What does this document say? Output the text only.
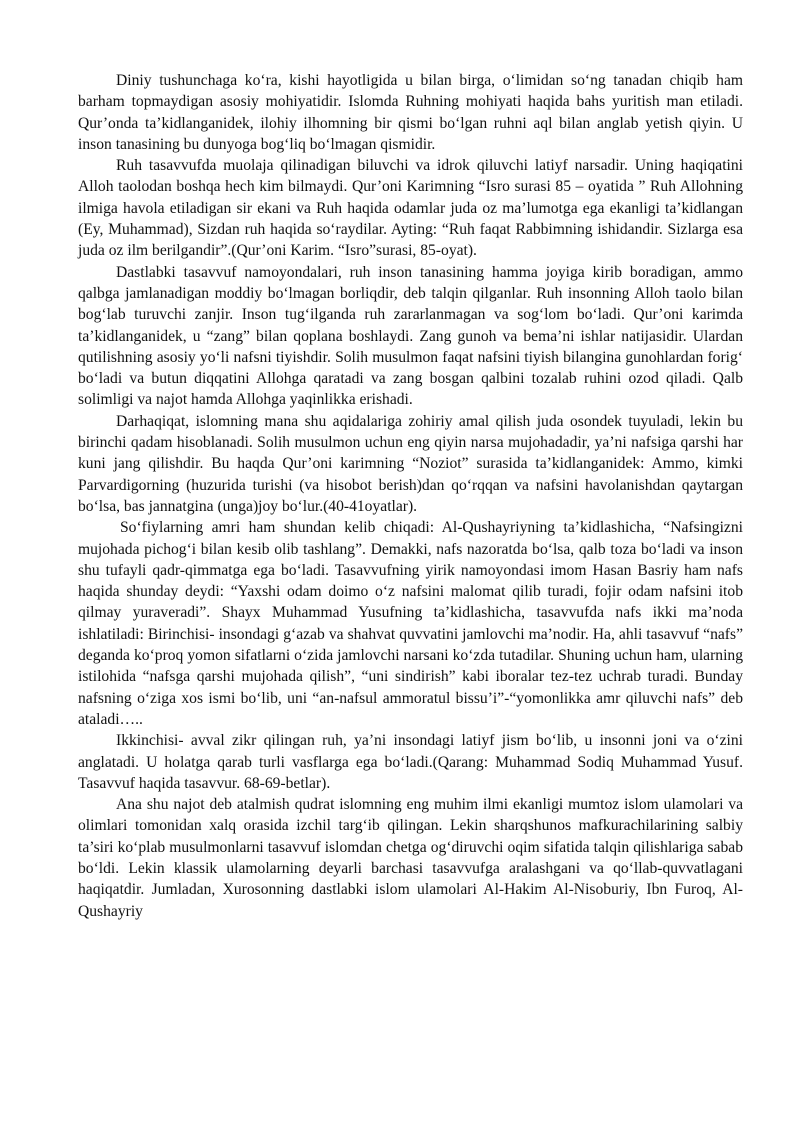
Diniy tushunchaga ko‘ra, kishi hayotligida u bilan birga, o‘limidan so‘ng tanadan chiqib ham barham topmaydigan asosiy mohiyatidir. Islomda Ruhning mohiyati haqida bahs yuritish man etiladi. Qur’onda ta’kidlanganidek, ilohiy ilhomning bir qismi bo‘lgan ruhni aql bilan anglab yetish qiyin. U inson tanasining bu dunyoga bog‘liq bo‘lmagan qismidir.

Ruh tasavvufda muolaja qilinadigan biluvchi va idrok qiluvchi latiyf narsadir. Uning haqiqatini Alloh taolodan boshqa hech kim bilmaydi. Qur’oni Karimning “Isro surasi 85 – oyatida ” Ruh Allohning ilmiga havola etiladigan sir ekani va Ruh haqida odamlar juda oz ma’lumotga ega ekanligi ta’kidlangan (Ey, Muhammad), Sizdan ruh haqida so‘raydilar. Ayting: “Ruh faqat Rabbimning ishidandir. Sizlarga esa juda oz ilm berilgandir”.(Qur’oni Karim. “Isro”surasi, 85-oyat).

Dastlabki tasavvuf namoyondalari, ruh inson tanasining hamma joyiga kirib boradigan, ammo qalbga jamlanadigan moddiy bo‘lmagan borliqdir, deb talqin qilganlar. Ruh insonning Alloh taolo bilan bog‘lab turuvchi zanjir. Inson tug‘ilganda ruh zararlanmagan va sog‘lom bo‘ladi. Qur’oni karimda ta’kidlanganidek, u “zang” bilan qoplana boshlaydi. Zang gunoh va bema’ni ishlar natijasidir. Ulardan qutilishning asosiy yo‘li nafsni tiyishdir. Solih musulmon faqat nafsini tiyish bilangina gunohlardan forig‘ bo‘ladi va butun diqqatini Allohga qaratadi va zang bosgan qalbini tozalab ruhini ozod qiladi. Qalb solimligi va najot hamda Allohga yaqinlikka erishadi.

Darhaqiqat, islomning mana shu aqidalariga zohiriy amal qilish juda osondek tuyuladi, lekin bu birinchi qadam hisoblanadi. Solih musulmon uchun eng qiyin narsa mujohadadir, ya’ni nafsiga qarshi har kuni jang qilishdir. Bu haqda Qur’oni karimning “Noziot” surasida ta’kidlanganidek: Ammo, kimki Parvardigorning (huzurida turishi (va hisobot berish)dan qo‘rqqan va nafsini havolanishdan qaytargan bo‘lsa, bas jannatgina (unga)joy bo‘lur.(40-41oyatlar).

So‘fiylarning amri ham shundan kelib chiqadi: Al-Qushayriyning ta’kidlashicha, “Nafsingizni mujohada pichog‘i bilan kesib olib tashlang”. Demakki, nafs nazoratda bo‘lsa, qalb toza bo‘ladi va inson shu tufayli qadr-qimmatga ega bo‘ladi. Tasavvufning yirik namoyondasi imom Hasan Basriy ham nafs haqida shunday deydi: “Yaxshi odam doimo o‘z nafsini malomat qilib turadi, fojir odam nafsini itob qilmay yuraveradi”. Shayx Muhammad Yusufning ta’kidlashicha, tasavvufda nafs ikki ma’noda ishlatiladi: Birinchisi- insondagi g‘azab va shahvat quvvatini jamlovchi ma’nodir. Ha, ahli tasavvuf “nafs” deganda ko‘proq yomon sifatlarni o‘zida jamlovchi narsani ko‘zda tutadilar. Shuning uchun ham, ularning istilohida “nafsga qarshi mujohada qilish”, “uni sindirish” kabi iboralar tez-tez uchrab turadi. Bunday nafsning o‘ziga xos ismi bo‘lib, uni “an-nafsul ammoratul bissu’i”-“yomonlikka amr qiluvchi nafs” deb ataladi…..

Ikkinchisi- avval zikr qilingan ruh, ya’ni insondagi latiyf jism bo‘lib, u insonni joni va o‘zini anglatadi. U holatga qarab turli vasflarga ega bo‘ladi.(Qarang: Muhammad Sodiq Muhammad Yusuf. Tasavvuf haqida tasavvur. 68-69-betlar).

Ana shu najot deb atalmish qudrat islomning eng muhim ilmi ekanligi mumtoz islom ulamolari va olimlari tomonidan xalq orasida izchil targ‘ib qilingan. Lekin sharqshunos mafkurachilarining salbiy ta’siri ko‘plab musulmonlarni tasavvuf islomdan chetga og‘diruvchi oqim sifatida talqin qilishlariga sabab bo‘ldi. Lekin klassik ulamolarning deyarli barchasi tasavvufga aralashgani va qo‘llab-quvvatlagani haqiqatdir. Jumladan, Xurosonning dastlabki islom ulamolari Al-Hakim Al-Nisoburiy, Ibn Furoq, Al-Qushayriy
